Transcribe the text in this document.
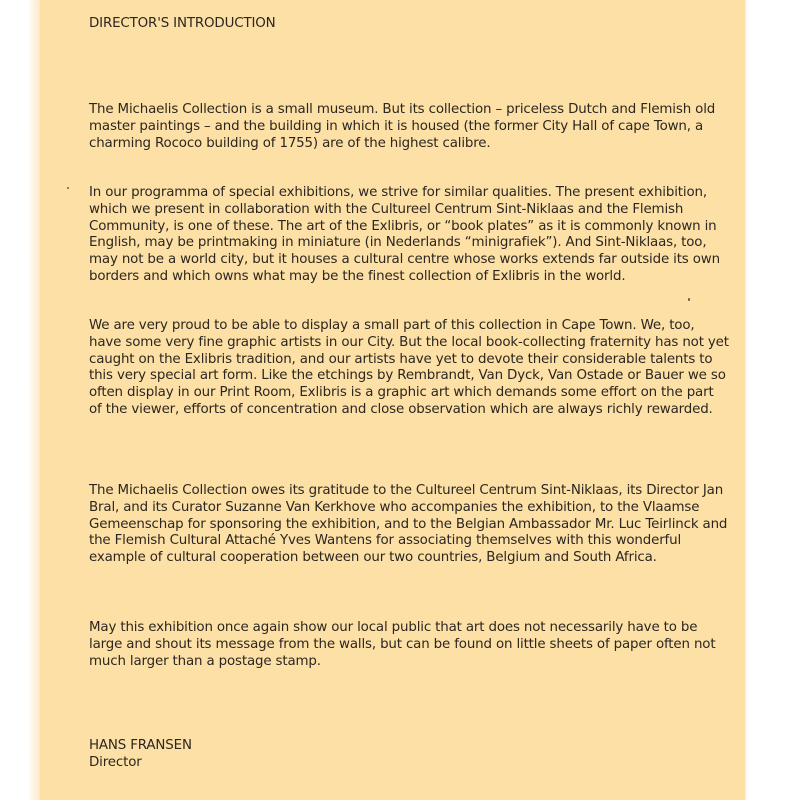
DIRECTOR'S INTRODUCTION

The Michaelis Collection is a small museum. But its collection – priceless Dutch and Flemish old master paintings – and the building in which it is housed (the former City Hall of cape Town, a charming Rococo building of 1755) are of the highest calibre.

In our programma of special exhibitions, we strive for similar qualities. The present exhibition, which we present in collaboration with the Cultureel Centrum Sint-Niklaas and the Flemish Community, is one of these. The art of the Exlibris, or “book plates” as it is commonly known in English, may be printmaking in miniature (in Nederlands “minigrafiek”). And Sint-Niklaas, too, may not be a world city, but it houses a cultural centre whose works extends far outside its own borders and which owns what may be the finest collection of Exlibris in the world.

We are very proud to be able to display a small part of this collection in Cape Town. We, too, have some very fine graphic artists in our City. But the local book-collecting fraternity has not yet caught on the Exlibris tradition, and our artists have yet to devote their considerable talents to this very special art form. Like the etchings by Rembrandt, Van Dyck, Van Ostade or Bauer we so often display in our Print Room, Exlibris is a graphic art which demands some effort on the part of the viewer, efforts of concentration and close observation which are always richly rewarded.

The Michaelis Collection owes its gratitude to the Cultureel Centrum Sint-Niklaas, its Director Jan Bral, and its Curator Suzanne Van Kerkhove who accompanies the exhibition, to the Vlaamse Gemeenschap for sponsoring the exhibition, and to the Belgian Ambassador Mr. Luc Teirlinck and the Flemish Cultural Attaché Yves Wantens for associating themselves with this wonderful example of cultural cooperation between our two countries, Belgium and South Africa.

May this exhibition once again show our local public that art does not necessarily have to be large and shout its message from the walls, but can be found on little sheets of paper often not much larger than a postage stamp.

HANS FRANSEN
Director
